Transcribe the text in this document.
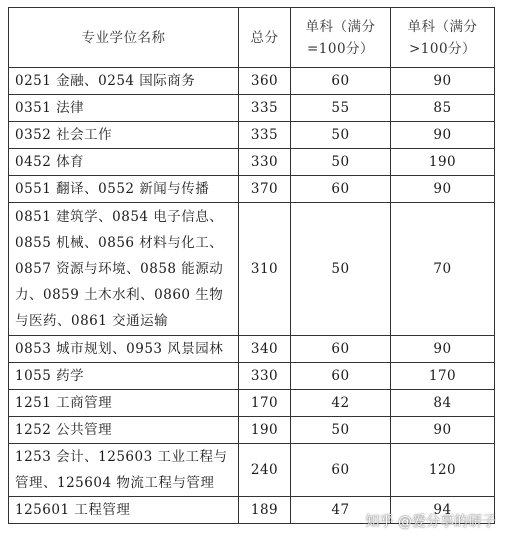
专业学位名称	总分	单科（满分=100分）	单科（满分>100分）
0251 金融、0254 国际商务	360	60	90
0351 法律	335	55	85
0352 社会工作	335	50	90
0452 体育	330	50	190
0551 翻译、0552 新闻与传播	370	60	90
0851 建筑学、0854 电子信息、0855 机械、0856 材料与化工、0857 资源与环境、0858 能源动力、0859 土木水利、0860 生物与医药、0861 交通运输	310	50	70
0853 城市规划、0953 风景园林	340	60	90
1055 药学	330	60	170
1251 工商管理	170	42	84
1252 公共管理	190	50	90
1253 会计、125603 工业工程与管理、125604 物流工程与管理	240	60	120
125601 工程管理	189	47	94
知乎 @爱分享的研子
